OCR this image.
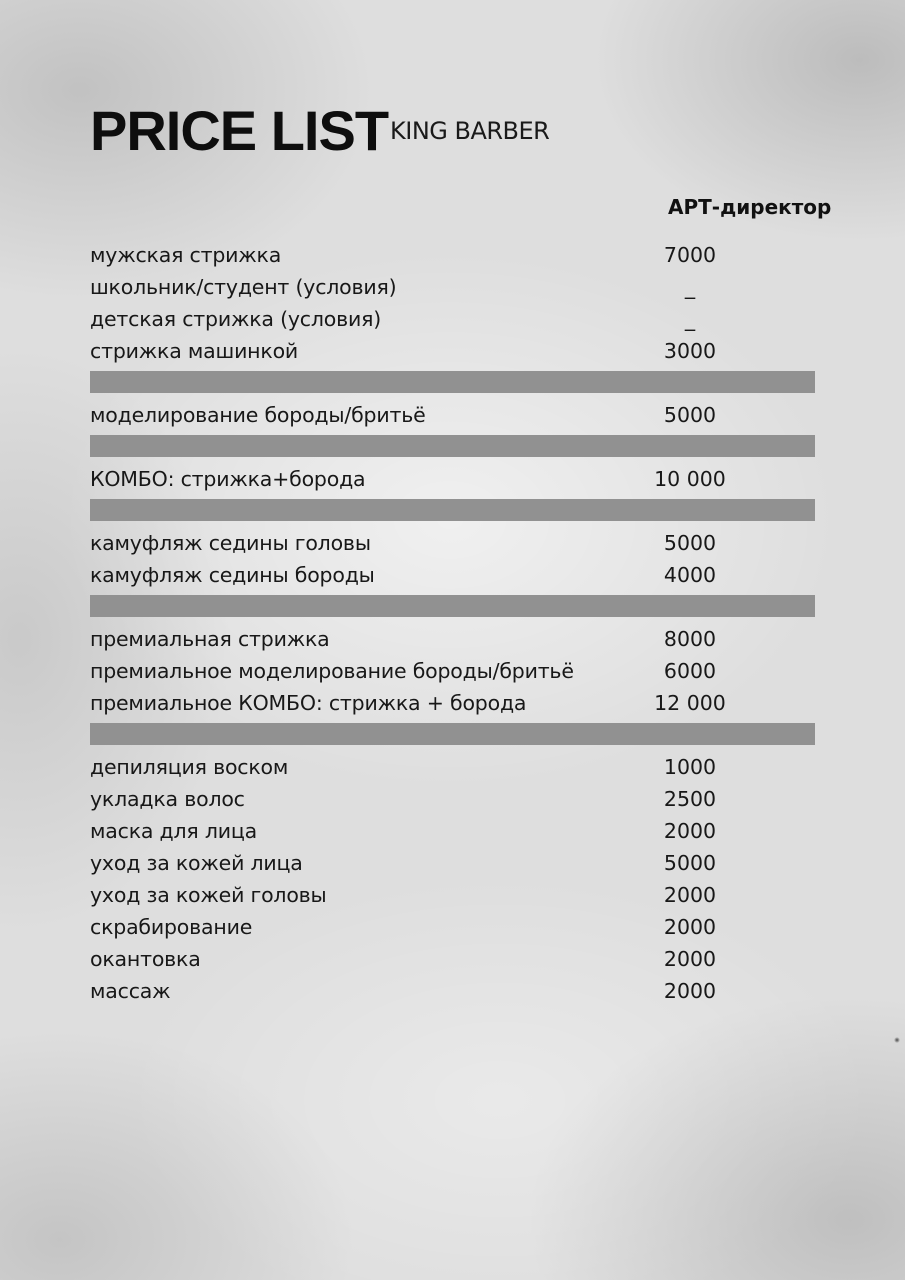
PRICE LIST KING BARBER
АРТ-директор
мужская стрижка	7000
школьник/студент (условия)	_
детская стрижка (условия)	_
стрижка машинкой	3000
моделирование бороды/бритьё	5000
КОМБО: стрижка+борода	10 000
камуфляж седины головы	5000
камуфляж седины бороды	4000
премиальная стрижка	8000
премиальное моделирование бороды/бритьё	6000
премиальное КОМБО: стрижка + борода	12 000
депиляция воском	1000
укладка волос	2500
маска для лица	2000
уход за кожей лица	5000
уход за кожей головы	2000
скрабирование	2000
окантовка	2000
массаж	2000
